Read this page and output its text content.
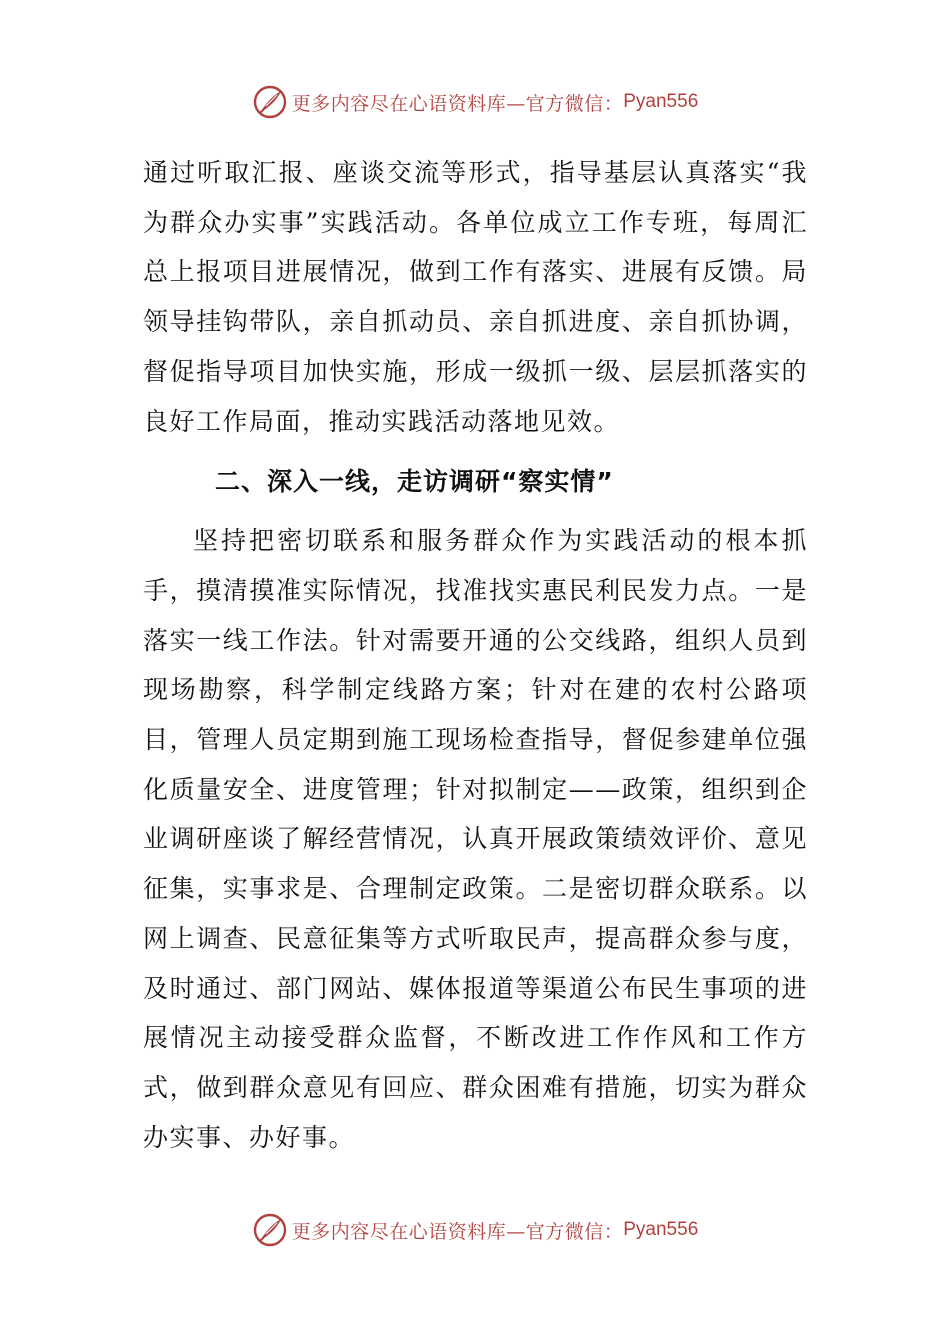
更多内容尽在心语资料库—官方微信： Pyan556

通过听取汇报、座谈交流等形式，指导基层认真落实“我为群众办实事”实践活动。各单位成立工作专班，每周汇总上报项目进展情况，做到工作有落实、进展有反馈。局领导挂钩带队，亲自抓动员、亲自抓进度、亲自抓协调，督促指导项目加快实施，形成一级抓一级、层层抓落实的良好工作局面，推动实践活动落地见效。

二、深入一线，走访调研“察实情”

坚持把密切联系和服务群众作为实践活动的根本抓手，摸清摸准实际情况，找准找实惠民利民发力点。一是落实一线工作法。针对需要开通的公交线路，组织人员到现场勘察，科学制定线路方案；针对在建的农村公路项目，管理人员定期到施工现场检查指导，督促参建单位强化质量安全、进度管理；针对拟制定——政策，组织到企业调研座谈了解经营情况，认真开展政策绩效评价、意见征集，实事求是、合理制定政策。二是密切群众联系。以网上调查、民意征集等方式听取民声，提高群众参与度，及时通过、部门网站、媒体报道等渠道公布民生事项的进展情况主动接受群众监督，不断改进工作作风和工作方式，做到群众意见有回应、群众困难有措施，切实为群众办实事、办好事。

更多内容尽在心语资料库—官方微信： Pyan556
